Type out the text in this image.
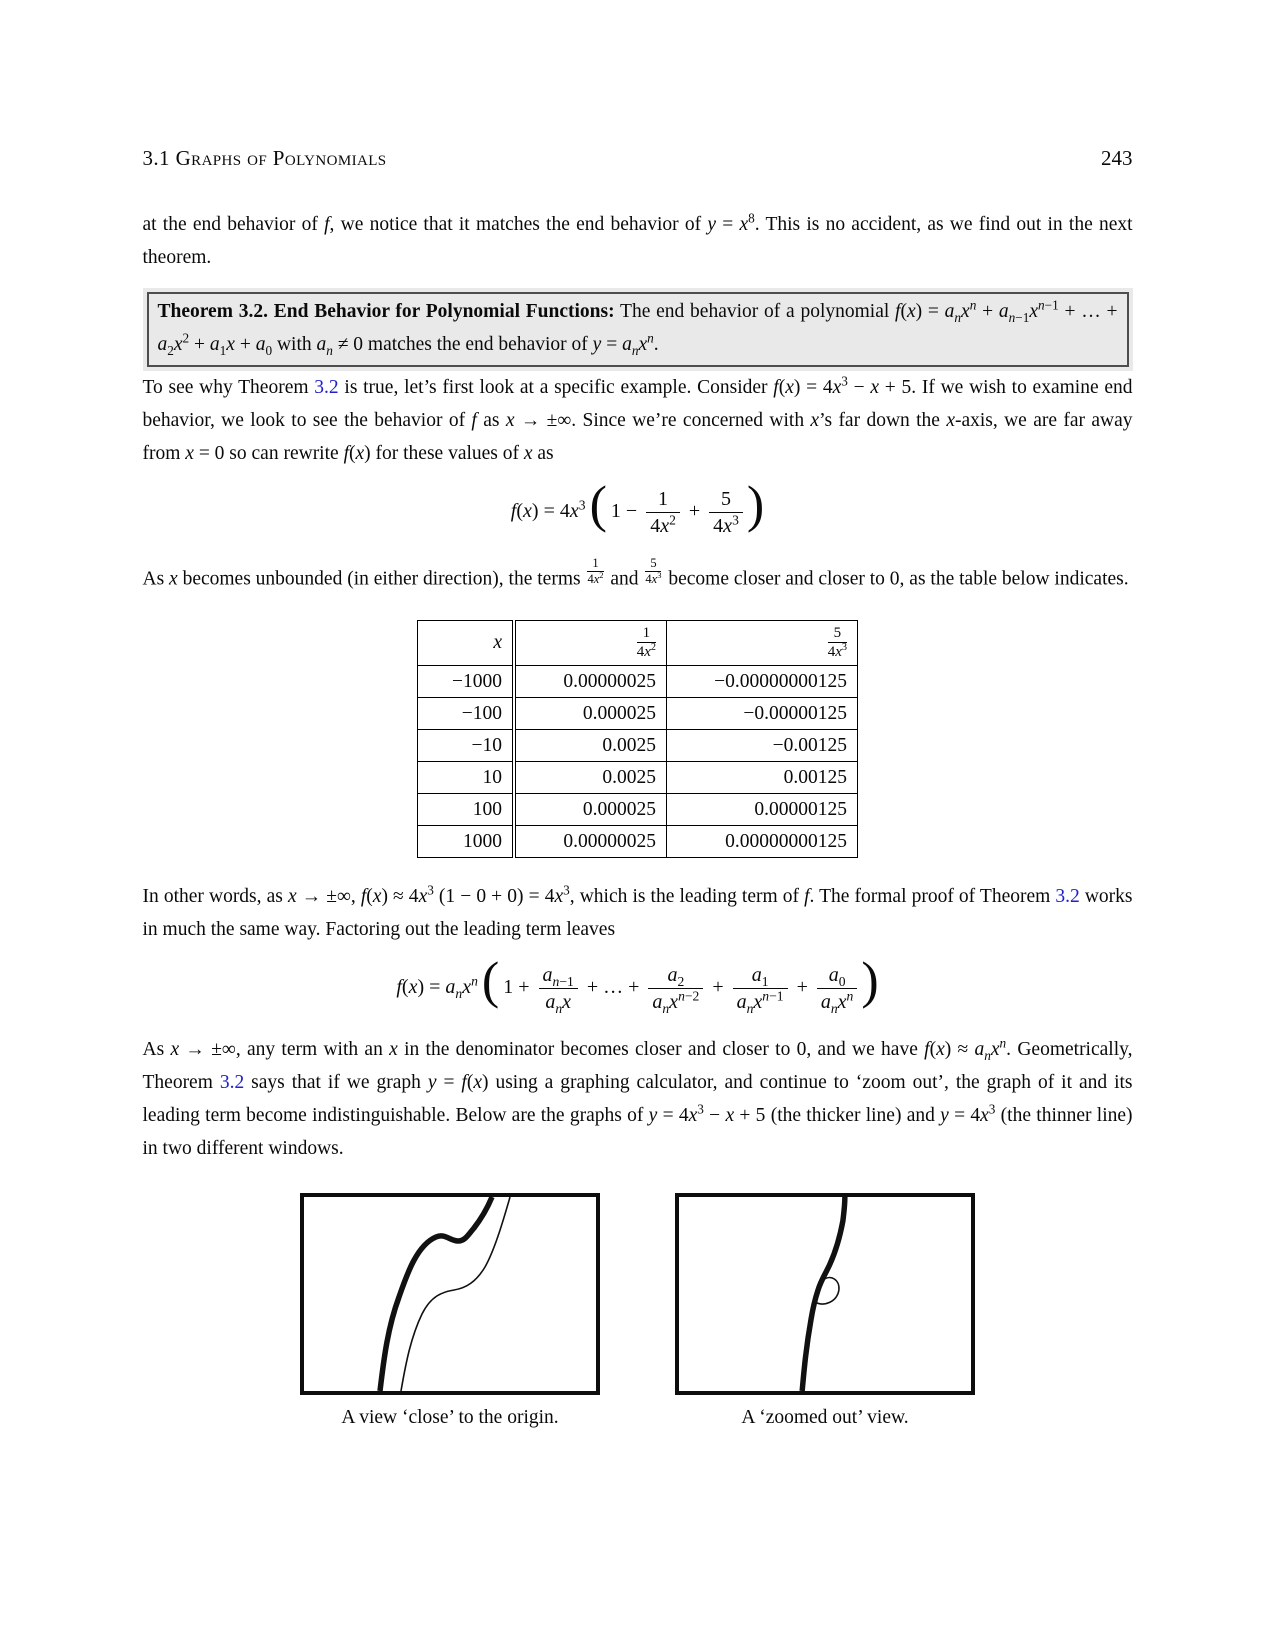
3.1 Graphs of Polynomials	243

at the end behavior of f, we notice that it matches the end behavior of $y = x^8$. This is no accident, as we find out in the next theorem.

Theorem 3.2. End Behavior for Polynomial Functions: The end behavior of a polynomial $f(x) = a_nx^n + a_{n-1}x^{n-1}$ + … + $a_2x^2 + a_1x + a_0$ with $a_n \ne 0$ matches the end behavior of $y = a_nx^n$.

To see why Theorem 3.2 is true, let’s first look at a specific example. Consider $f(x) = 4x^3 - x + 5$. If we wish to examine end behavior, we look to see the behavior of f as x → ±∞. Since we’re concerned with x’s far down the x-axis, we are far away from x = 0 so can rewrite f(x) for these values of x as

$f(x) = 4x^3$ ( $1 - \frac{1}{4x^2} + \frac{5}{4x^3}$ )

As x becomes unbounded (in either direction), the terms $\frac{1}{4x^2}$ and $\frac{5}{4x^3}$ become closer and closer to 0, as the table below indicates.

x	$\frac{1}{4x^2}$	$\frac{5}{4x^3}$

−1000	0.00000025	−0.00000000125
−100	0.000025	−0.00000125
−10	0.0025	−0.00125
10	0.0025	0.00125
100	0.000025	0.00000125
1000	0.00000025	0.00000000125

In other words, as x → ±∞, $f(x) \approx 4x^3$ $(1 - 0 + 0) = 4x^3$, which is the leading term of f. The formal proof of Theorem 3.2 works in much the same way. Factoring out the leading term leaves

$f(x) = a_nx^n$ ( $1 + \frac{a_{n-1}}{a_nx}$ + … + $\frac{a_2}{a_nx^{n-2}} + \frac{a_1}{a_nx^{n-1}} + \frac{a_0}{a_nx^n}$ )

As x → ±∞, any term with an x in the denominator becomes closer and closer to 0, and we have $f(x) \approx a_nx^n$. Geometrically, Theorem 3.2 says that if we graph y = f(x) using a graphing calculator, and continue to ‘zoom out’, the graph of it and its leading term become indistinguishable. Below are the graphs of $y = 4x^3 - x + 5$ (the thicker line) and $y = 4x^3$ (the thinner line) in two different windows.

A view ‘close’ to the origin.	A ‘zoomed out’ view.
